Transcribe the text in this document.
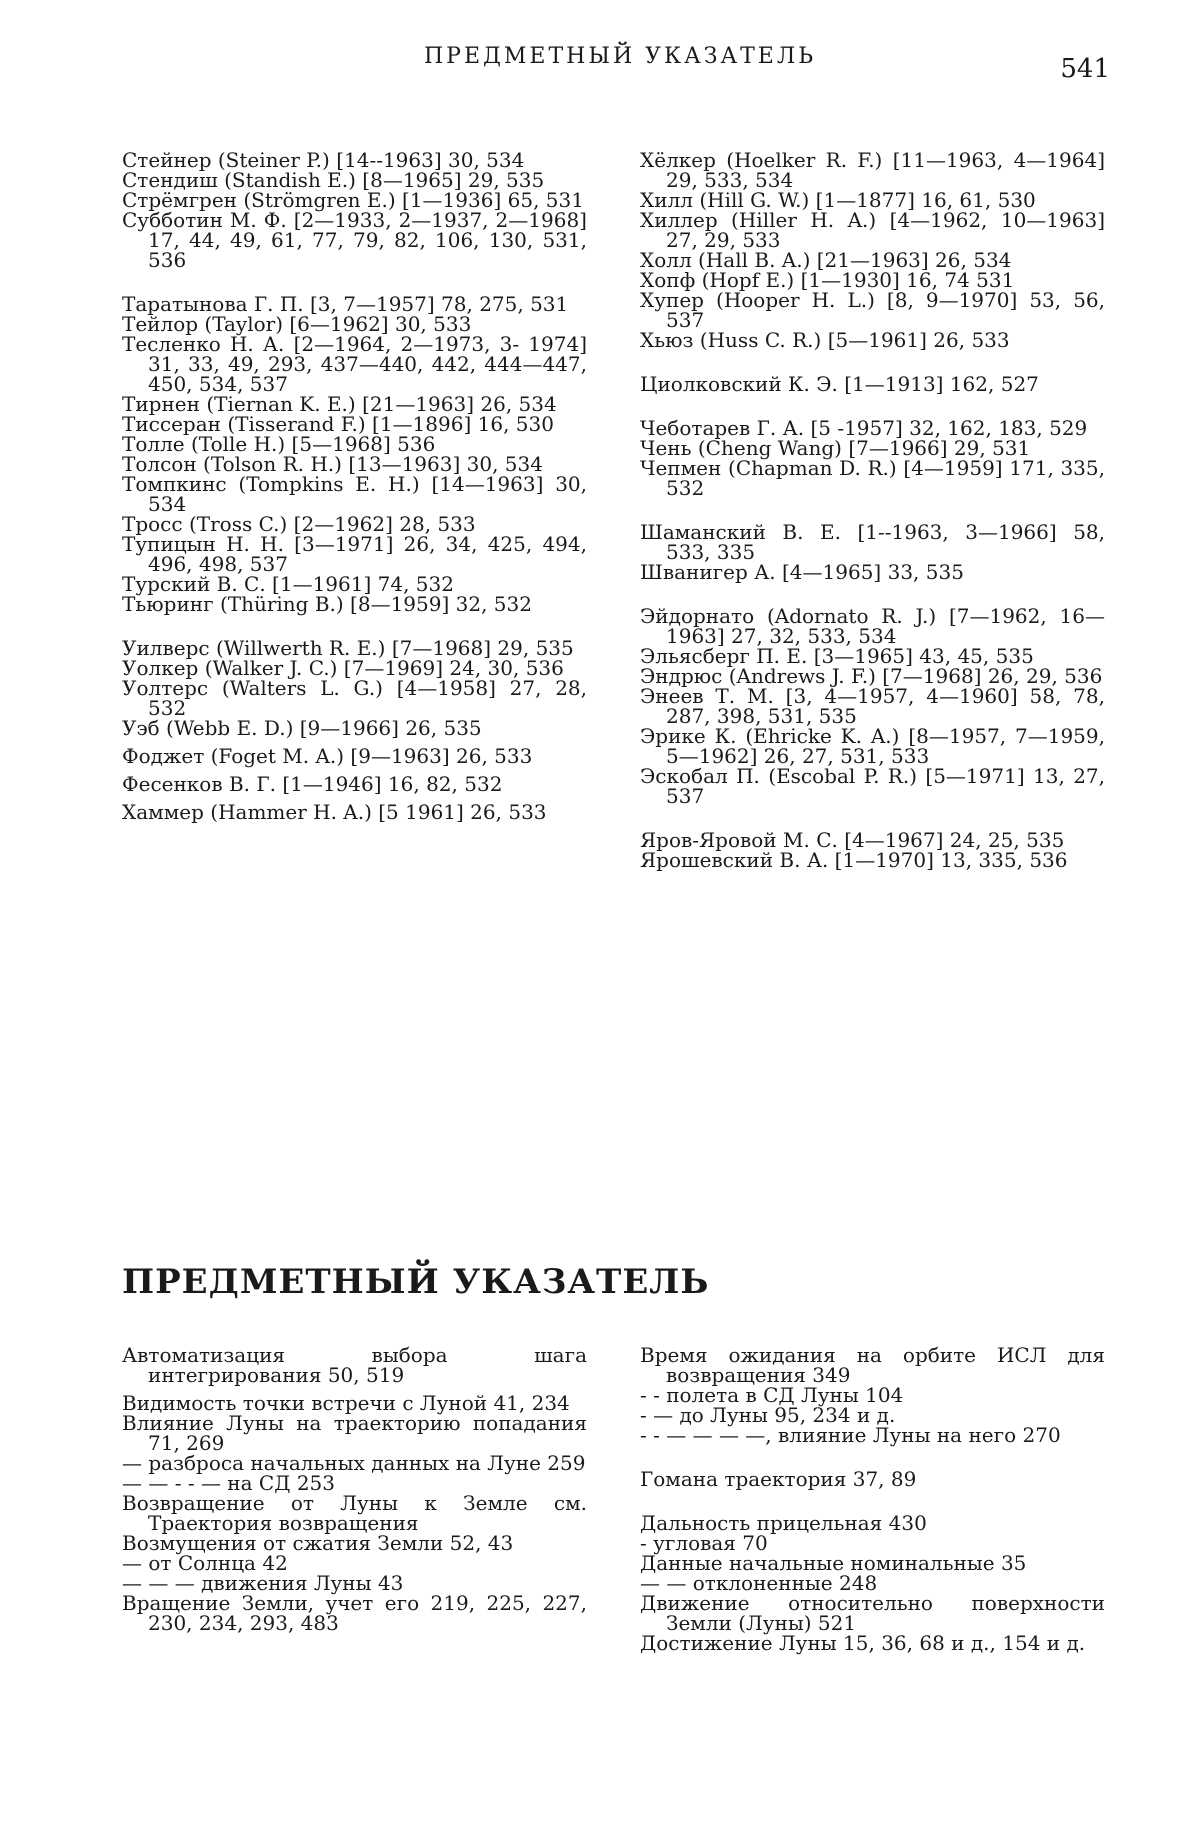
ПРЕДМЕТНЫЙ УКАЗАТЕЛЬ	541
Стейнер (Steiner P.) [14--1963] 30, 534
Стендиш (Standish E.) [8—1965] 29, 535
Стрёмгрен (Strömgren E.) [1—1936] 65, 531
Субботин М. Ф. [2—1933, 2—1937, 2—1968] 17, 44, 49, 61, 77, 79, 82, 106, 130, 531, 536
Таратынова Г. П. [3, 7—1957] 78, 275, 531
Тейлор (Taylor) [6—1962] 30, 533
Тесленко Н. А. [2—1964, 2—1973, 3- 1974] 31, 33, 49, 293, 437—440, 442, 444—447, 450, 534, 537
Тирнен (Tiernan K. E.) [21—1963] 26, 534
Тиссеран (Tisserand F.) [1—1896] 16, 530
Толле (Tolle H.) [5—1968] 536
Толсон (Tolson R. H.) [13—1963] 30, 534
Томпкинс (Tompkins E. H.) [14—1963] 30, 534
Тросс (Tross C.) [2—1962] 28, 533
Тупицын Н. Н. [3—1971] 26, 34, 425, 494, 496, 498, 537
Турский В. С. [1—1961] 74, 532
Тьюринг (Thüring B.) [8—1959] 32, 532
Уилверс (Willwerth R. E.) [7—1968] 29, 535
Уолкер (Walker J. C.) [7—1969] 24, 30, 536
Уолтерс (Walters L. G.) [4—1958] 27, 28, 532
Уэб (Webb E. D.) [9—1966] 26, 535
Фоджет (Foget M. A.) [9—1963] 26, 533
Фесенков В. Г. [1—1946] 16, 82, 532
Хаммер (Hammer H. A.) [5 1961] 26, 533
Хёлкер (Hoelker R. F.) [11—1963, 4—1964] 29, 533, 534
Хилл (Hill G. W.) [1—1877] 16, 61, 530
Хиллер (Hiller H. A.) [4—1962, 10—1963] 27, 29, 533
Холл (Hall B. A.) [21—1963] 26, 534
Хопф (Hopf E.) [1—1930] 16, 74 531
Хупер (Hooper H. L.) [8, 9—1970] 53, 56, 537
Хьюз (Huss C. R.) [5—1961] 26, 533
Циолковский К. Э. [1—1913] 162, 527
Чеботарев Г. А. [5 -1957] 32, 162, 183, 529
Чень (Cheng Wang) [7—1966] 29, 531
Чепмен (Chapman D. R.) [4—1959] 171, 335, 532
Шаманский В. Е. [1--1963, 3—1966] 58, 533, 335
Шванигер А. [4—1965] 33, 535
Эйдорнато (Adornato R. J.) [7—1962, 16—1963] 27, 32, 533, 534
Эльясберг П. Е. [3—1965] 43, 45, 535
Эндрюс (Andrews J. F.) [7—1968] 26, 29, 536
Энеев Т. М. [3, 4—1957, 4—1960] 58, 78, 287, 398, 531, 535
Эрике К. (Ehricke K. A.) [8—1957, 7—1959, 5—1962] 26, 27, 531, 533
Эскобал П. (Escobal P. R.) [5—1971] 13, 27, 537
Яров-Яровой М. С. [4—1967] 24, 25, 535
Ярошевский В. А. [1—1970] 13, 335, 536
ПРЕДМЕТНЫЙ УКАЗАТЕЛЬ
Автоматизация выбора шага интегрирования 50, 519
Видимость точки встречи с Луной 41, 234
Влияние Луны на траекторию попадания 71, 269
— разброса начальных данных на Луне 259
— — - - — на СД 253
Возвращение от Луны к Земле см. Траектория возвращения
Возмущения от сжатия Земли 52, 43
— от Солнца 42
— — — движения Луны 43
Вращение Земли, учет его 219, 225, 227, 230, 234, 293, 483
Время ожидания на орбите ИСЛ для возвращения 349
- - полета в СД Луны 104
- — до Луны 95, 234 и д.
- - — — — —, влияние Луны на него 270
Гомана траектория 37, 89
Дальность прицельная 430
- угловая 70
Данные начальные номинальные 35
— — отклоненные 248
Движение относительно поверхности Земли (Луны) 521
Достижение Луны 15, 36, 68 и д., 154 и д.
